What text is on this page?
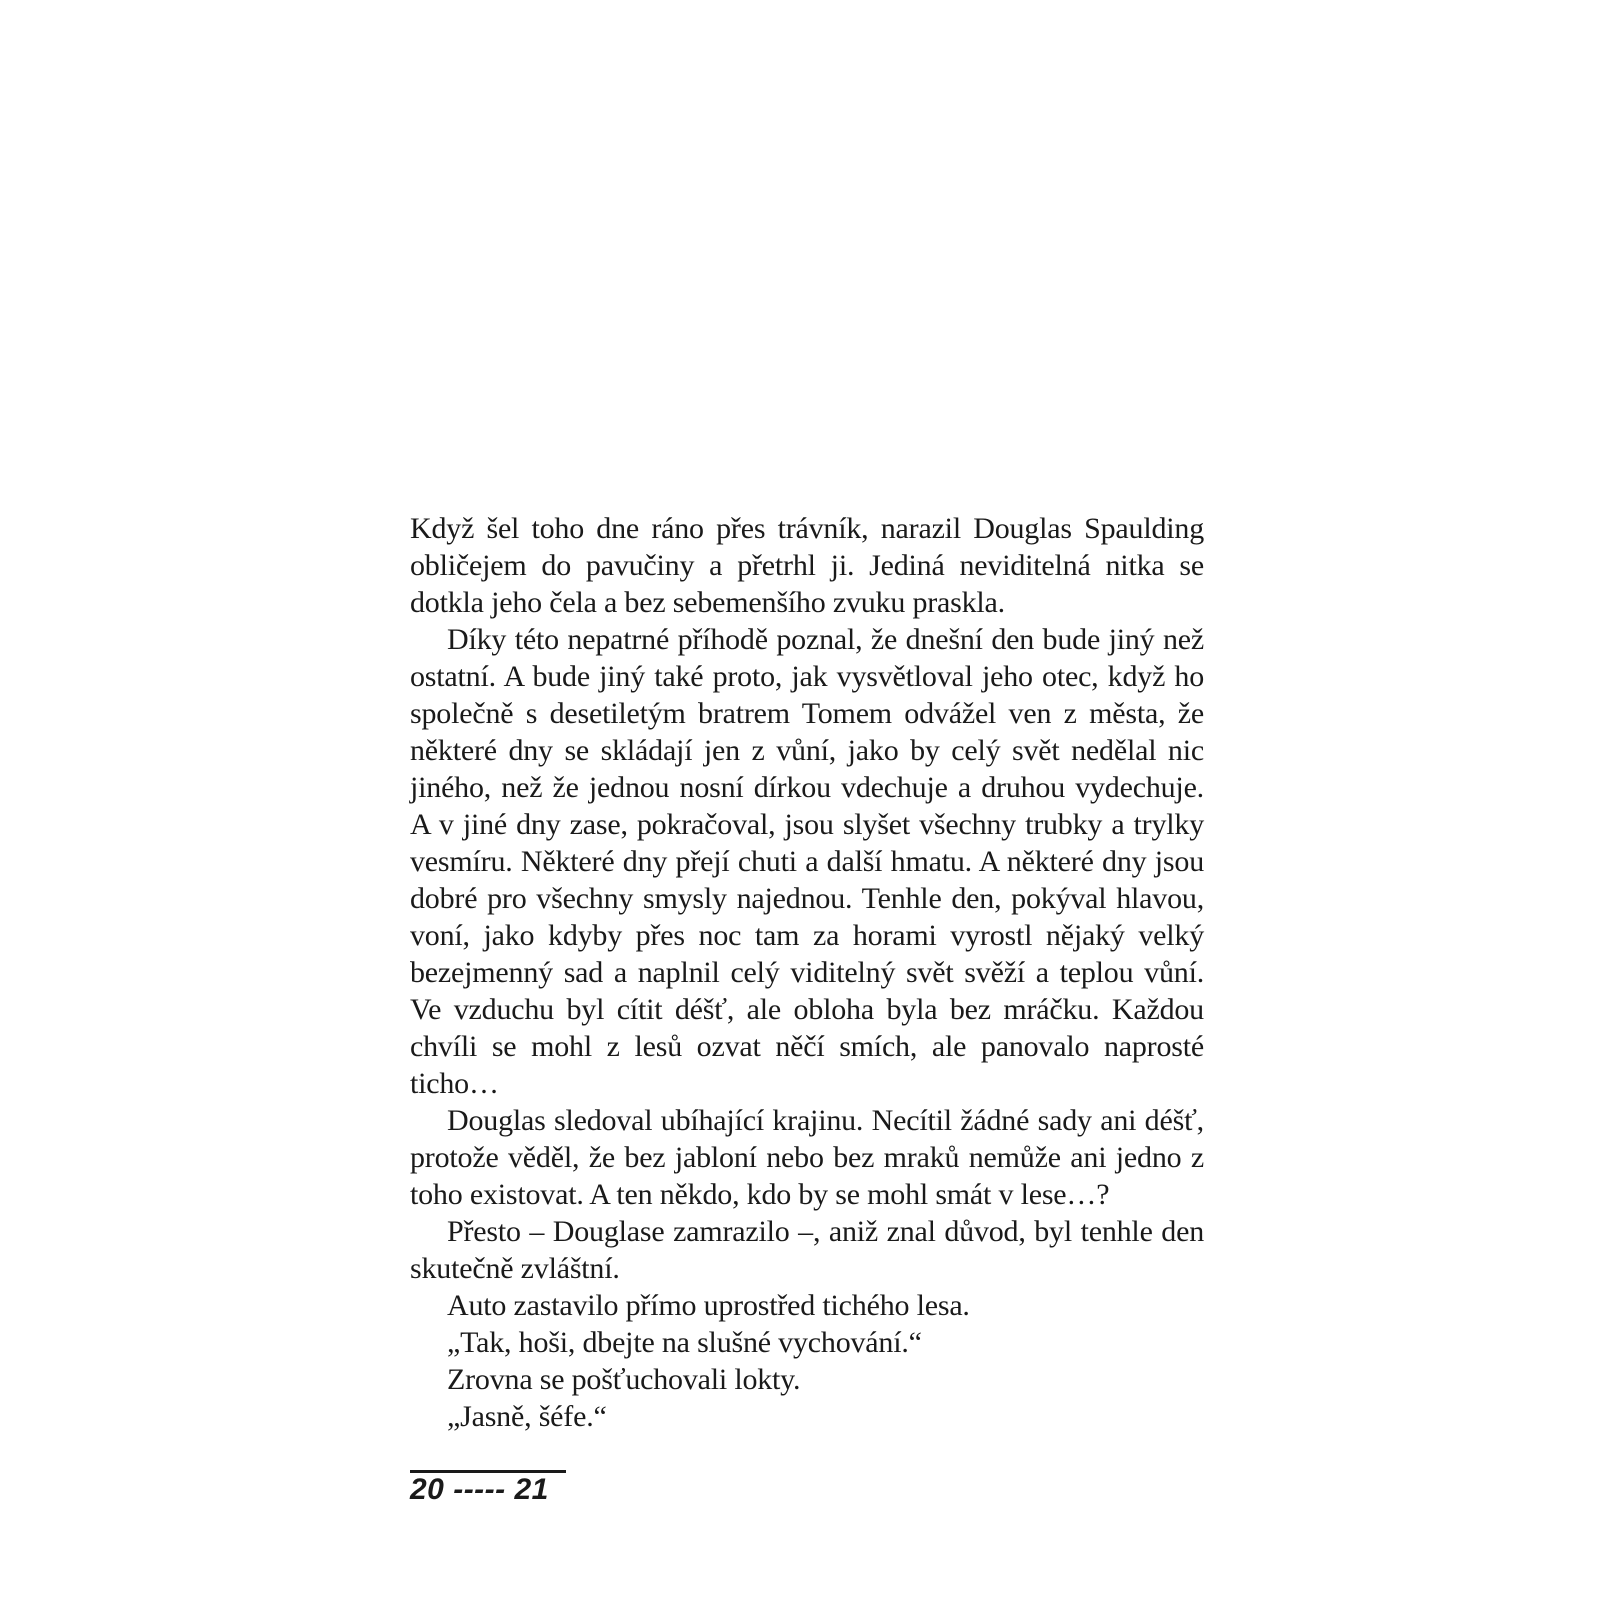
Když šel toho dne ráno přes trávník, narazil Douglas Spaulding obličejem do pavučiny a přetrhl ji. Jediná neviditelná nitka se dotkla jeho čela a bez sebemenšího zvuku praskla.

Díky této nepatrné příhodě poznal, že dnešní den bude jiný než ostatní. A bude jiný také proto, jak vysvětloval jeho otec, když ho společně s desetiletým bratrem Tomem odvážel ven z města, že některé dny se skládají jen z vůní, jako by celý svět nedělal nic jiného, než že jednou nosní dírkou vdechuje a druhou vydechuje. A v jiné dny zase, pokračoval, jsou slyšet všechny trubky a trylky vesmíru. Některé dny přejí chuti a další hmatu. A některé dny jsou dobré pro všechny smysly najednou. Tenhle den, pokýval hlavou, voní, jako kdyby přes noc tam za horami vyrostl nějaký velký bezejmenný sad a naplnil celý viditelný svět svěží a teplou vůní. Ve vzduchu byl cítit déšť, ale obloha byla bez mráčku. Každou chvíli se mohl z lesů ozvat něčí smích, ale panovalo naprosté ticho…

Douglas sledoval ubíhající krajinu. Necítil žádné sady ani déšť, protože věděl, že bez jabloní nebo bez mraků nemůže ani jedno z toho existovat. A ten někdo, kdo by se mohl smát v lese…?

Přesto – Douglase zamrazilo –, aniž znal důvod, byl tenhle den skutečně zvláštní.

Auto zastavilo přímo uprostřed tichého lesa.

„Tak, hoši, dbejte na slušné vychování.“

Zrovna se pošťuchovali lokty.

„Jasně, šéfe.“

20 ----- 21
